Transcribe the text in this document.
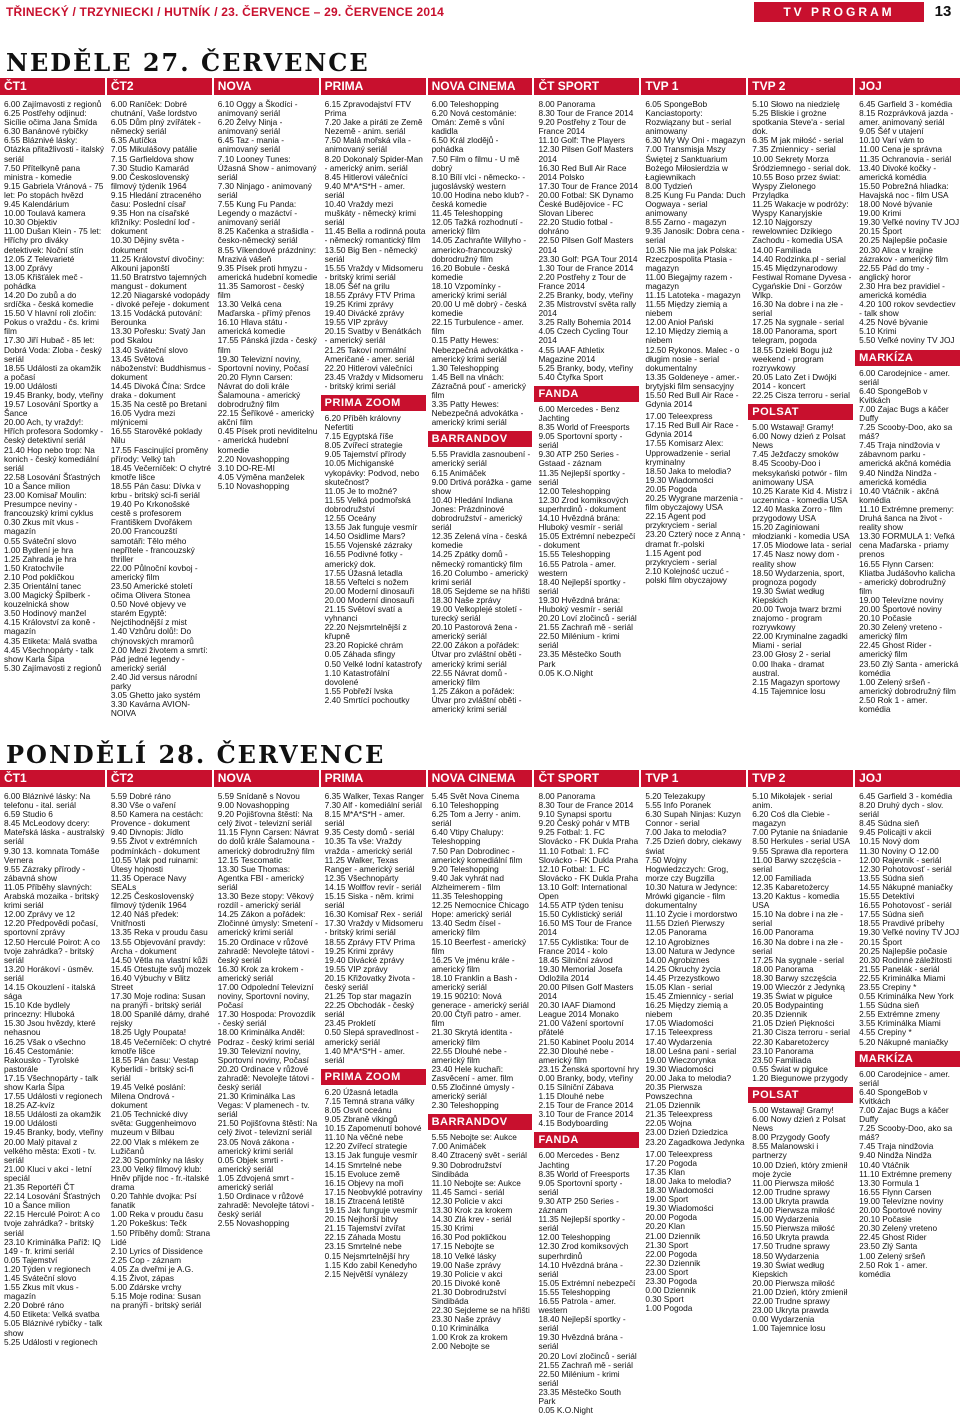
TŘINECKÝ / TRZYNIECKI / HUTNÍK / 23. ČERVENCE – 29. ČERVENCE 2014	TV PROGRAM	13
NEDĚLE 27. ČERVENCE
ČT1	ČT2	NOVA	PRIMA	NOVA CINEMA	ČT SPORT	TVP 1	TVP 2	JOJ
6.00 Zajímavosti z regionů
6.25 Postřehy odjinud: Sicílie očima Jana Šmída
6.30 Banánové rybičky
6.55 Bláznivé lásky: Otázka přitažlivosti - italský seriál
7.50 Přítelkyně pana ministra - komedie
9.15 Gabriela Vránová - 75 let: Po stopách hvězd
9.45 Kalendárium
10.00 Toulavá kamera
10.30 Objektiv
11.00 Dušan Klein - 75 let: Hříchy pro diváky detektivek: Noční stín
12.05 Z Televarieté
13.00 Zprávy
13.05 Křišťálek meč - pohádka
14.20 Do zubů a do srdíčka - česká komedie
15.50 V hlavní roli zločin: Pokus o vraždu - čs. krimi film
17.30 Jiří Hubač - 85 let: Dobrá Voda: Zloba - český seriál
18.55 Události za okamžik a počasí
19.00 Události
19.45 Branky, body, vteřiny
19.57 Losování Sportky a Šance
20.00 Ach, ty vraždy!: Hřích profesora Sodomky - český detektivní seriál
21.40 Hop nebo trop: Na konich - český komediální seriál
22.58 Losování Šťastných 10 a Šance milion
23.00 Komisař Moulin: Presumpce neviny - francouzský krimi cyklus
0.30 Zkus mít vkus - magazín
0.55 Sváteční slovo
1.00 Bydlení je hra
1.25 Zahrada je hra
1.50 Kratochvíle
2.10 Pod pokličkou
2.35 Orientální tanec
3.00 Magický Špilberk - kouzelnická show
3.50 Hodinový manžel
4.15 Království za koně - magazín
4.35 Etiketa: Malá svatba
4.45 Všechnopárty - talk show Karla Šípa
5.30 Zajímavosti z regionů
6.00 Raníček: Dobré chutnání, Vaše lordstvo
6.05 Dům plný zvířátek - německý seriál
6.35 Autíčka
7.05 Mikulášovy patálie
7.15 Garfieldova show
7.30 Studio Kamarád
9.00 Československý filmový týdeník 1964
9.15 Hledání ztraceného času: Poslední císař
9.35 Hon na císařské křižníky: Poslední loď - dokument
10.30 Dějiny světa - dokument
11.25 Království divočiny: Alkouni japonští
11.50 Bratrstvo tajemných mangust - dokument
12.20 Niagarské vodopády - divoké peřeje - dokument
13.15 Vodácká putování: Berounka
13.30 Pořesku: Svatý Jan pod Skalou
13.40 Sváteční slovo
13.45 Světová náboženství: Buddhismus - dokument
14.45 Divoká Čína: Srdce draka - dokument
15.35 Na cestě po Bretani
16.05 Vydra mezi mlýnicemi
16.55 Starověké poklady Nilu
17.55 Fascinující proměny přírody: Velký tah
18.45 Večerníček: O chytré kmotře lišce
18.55 Pán času: Dívka v krbu - britský sci-fi seriál
19.40 Po Krkonošské cestě s profesorem Františkem Dvořákem
20.00 Francouzští samotáři: Tělo mého nepřítele - francouzský thriller
22.00 Půlnoční kovboj - americký film
23.50 Americké století očima Olivera Stonea
0.50 Nové objevy ve starém Egyptě: Nejctihodnější z mist
1.40 Vzhůru dolů!: Do chýnovských mramorů
2.00 Mezi životem a smrtí: Pád jedné legendy - americký seriál
2.40 Jid versus národní parky
3.05 Ghetto jako systém
3.30 Kavárna AVION-NOIVA
6.10 Oggy a Škodíci - animovaný seriál
6.20 Želvy Ninja - animovaný seriál
6.45 Taz - mania - animovaný seriál
7.10 Looney Tunes: Úžasná Show - animovaný seriál
7.30 Ninjago - animovaný seriál
7.55 Kung Fu Panda: Legendy o mazáctví - animovaný seriál
8.25 Kačenka a strašidla - česko-německý seriál
8.55 Víkendové prázdniny: Mrazivá vášeň
9.35 Písek proti hmyzu - americká hudební komedie
11.35 Samorost - český film
13.30 Velká cena Maďarska - přímý přenos
16.10 Hlava státu - americká komedie
17.55 Pánská jízda - český film
19.30 Televizní noviny, Sportovní noviny, Počasí
20.20 Flynn Carsen: Návrat do doli krále Šalamouna - americký dobrodružný film
22.15 Šeříkové - americký akční film
0.45 Písek proti neviditelnu - americká hudební komedie
2.20 Novashopping
3.10 DO-RE-MI
4.05 Výměna manželek
5.10 Novashopping
6.15 Zpravodajství FTV Prima
7.20 Jake a piráti ze Země Nezemě - anim. seriál
7.50 Malá mořská víla - animovaný seriál
8.20 Dokonalý Spider-Man - americký anim. seriál
8.45 Hitlerovi válečníci
9.40 M*A*S*H - amer. seriál
10.40 Vraždy mezi muškáty - německý krimi seriál
11.45 Bella a rodinná pouta - německý romantický film
13.50 Big Ben - německý seriál
15.55 Vraždy v Midsomeru - britský krimi seriál
18.05 Šéf na grilu
18.55 Zprávy FTV Prima
19.25 Krimi zprávy
19.40 Divácké zprávy
19.55 VIP zprávy
20.15 Svatby v Benátkách - americký seriál
21.25 Takoví normální Američané - amer. seriál
22.20 Hitlerovi válečníci
23.45 Vraždy v Midsomeru - britský krimi seriál
PRIMA ZOOM
6.20 Příběh královny Nefertiti
7.15 Egyptská říše
8.05 Zvířecí strategie
9.05 Tajemství přírody
10.05 Michiganské vykopávky: Podvod, nebo skutečnost?
11.05 Je to možné?
11.55 Velká podmořská dobrodružství
12.55 Oceány
13.55 Jak funguje vesmír
14.50 Osidlime Mars?
15.55 Vojenské zázraky
16.55 Podivné fotky - americký dok.
17.55 Úžasná letadla
18.55 Veľtelci s nožem
20.00 Moderní dinosauři
20.00 Moderní dinosauři
21.15 Světoví svatí a vyhnanci
22.20 Nejsmrtelnější z křupně
23.20 Ropické chrám
0.05 Záhada sfingy
0.50 Velké lodní katastrofy
1.10 Katastrofální dovolené
1.55 Pobřeží lvska
2.40 Smrtící pochoutky
6.00 Teleshopping
6.20 Nová cestománie: Omán: Země s vůní kadidla
6.50 Král zlodějů - pohádka
7.50 Film o filmu - U mě dobrý
8.10 Bílí vlci - německo- -jugoslávský western
10.00 Hodina nebo klub? - česká komedie
11.45 Teleshopping
12.05 Tažká rozhodnutí - americký film
14.05 Zachraňte Willyho - americko-francouzský dobrodružný film
16.20 Bobule - česká komedie
18.10 Vzpomínky - americký krimi seriál
20.00 U mě dobrý - česká komedie
22.15 Turbulence - amer. film
0.15 Patty Hewes: Nebezpečná advokátka - americký krimi seriál
1.30 Teleshopping
1.45 Bell na vlnách: Zázračná pouť - americký film
3.35 Patty Hewes: Nebezpečná advokátka - americký krimi seriál
BARRANDOV
5.55 Pravidla zasnoubení - americký seriál
6.15 Animáček
9.00 Drtivá porážka - game show
10.40 Hledání Indiana Jones: Prázdninové dobrodružství - americký seriál
12.35 Zelená vína - česká komedie
14.25 Zpátky domů - německý romantický film
16.20 Columbo - americký krimi seriál
18.05 Sejdeme se na hřišti
18.30 Naše zprávy
19.00 Velkoplejé století - turecký seriál
20.10 Pastorová žena - americký seriál
22.00 Zákon a pořádek: Útvar pro zvláštní oběti - americký krimi seriál
22.55 Návrat domů - americký film
1.25 Zákon a pořádek: Útvar pro zvláštní oběti - americký krimi seriál
8.00 Panorama
8.30 Tour de France 2014
9.20 Postřehy z Tour de France 2014
11.10 Golf: The Players
12.30 Pilsen Golf Masters 2014
16.30 Red Bull Air Race 2014 Polsko
17.30 Tour de France 2014
20.00 Fotbal: SK Dynamo České Budějovice - FC Slovan Liberec
22.20 Studio fotbal - dohráno
22.50 Pilsen Golf Masters 2014
23.30 Golf: PGA Tour 2014
1.30 Tour de France 2014
2.20 Postřehy z Tour de France 2014
2.25 Branky, body, vteřiny
2.35 Mistrovství světa rally 2014
3.25 Rally Bohemia 2014
4.05 Czech Cycling Tour 2014
4.55 IAAF Athletix Magazine 2014
5.25 Branky, body, vteřiny
5.40 Čtyřka Sport
FANDA
6.00 Mercedes - Benz Jachting
8.35 World of Freesports
9.05 Sportovní sporty - seriál
9.30 ATP 250 Series - Gstaad - záznam
11.35 Nejlepší sportky - seriál
12.00 Teleshopping
12.30 Zrod komiksových superhrdinů - dokument
14.10 Hvězdná brána: Hluboký vesmír - seriál
15.05 Extrémní nebezpečí - dokument
15.55 Teleshopping
16.55 Patrola - amer. western
18.40 Nejlepší sportky - seriál
19.30 Hvězdná brána: Hluboký vesmír - seriál
20.20 Loví zločinců - seriál
21.55 Zachraň mě - seriál
22.50 Milénium - krimi seriál
23.35 Městečko South Park
0.05 K.O.Night
6.05 SpongeBob Kanciastoporty: Rozwiązany but - serial animowany
6.30 My Wy Oni - magazyn
7.00 Transmisja Mszy Świętej z Sanktuarium Bożego Miłosierdzia w Łagiewnikach
8.00 Tydzień
8.25 Kung Fu Panda: Duch Oogwaya - serial animowany
8.55 Zarno - magazyn
9.35 Janosik: Dobra cena - serial
10.35 Nie ma jak Polska: Rzeczpospolita Ptasia - magazyn
11.00 Biegajmy razem - magazyn
11.15 Latoteka - magazyn
11.55 Między ziemią a niebem
12.00 Anioł Pański
12.10 Między ziemią a niebem
12.50 Rykonos. Malec - o długim nosie - serial dokumentalny
13.35 Goldeneye - amer.-brytyjski film sensacyjny
15.50 Red Bull Air Race - Gdynia 2014
17.00 Teleexpress
17.15 Red Bull Air Race - Gdynia 2014
17.55 Komisarz Alex: Upprowadzenie - serial kryminalny
18.50 Jaka to melodia?
19.30 Wiadomości
20.05 Pogoda
20.25 Wygrane marzenia - film obyczajowy USA
22.15 Agent pod przykryciem - serial
23.20 Czterý noce z Anną - dramat fr.-polski
1.15 Agent pod przykryciem - serial
2.10 Kolejność uczuć - polski film obyczajowy
5.10 Słowo na niedzielę
5.25 Bliskie i grożne spotkania Steve'a - serial dok.
6.35 M jak miłość - serial
7.35 Zmiennicy - serial
10.00 Sekrety Morza Śródziemnego - serial dok.
10.55 Boso przez świat: Wyspy Zielonego Przylądka
11.25 Wakacje w podróży: Wyspy Kanaryjskie
12.10 Najgorszy rewelowniec Dzikiego Zachodu - komedia USA
14.00 Familiada
14.40 Rodzinka.pl - serial
15.45 Międzynarodowy Festiwal Romane Dyvesa - Cygańskie Dni - Gorzów Wlkp.
16.30 Na dobre i na złe - serial
17.25 Na sygnale - serial
18.00 Panorama, sport telegram, pogoda
18.55 Dzieki Bogu już weekend - program rozrywkowy
20.05 Lato Zet i Dwójki 2014 - koncert
22.25 Cisza terroru - serial
POLSAT
5.00 Wstawaj! Gramy!
6.00 Nowy dzień z Polsat News
7.45 Ježďaczy smoków
8.45 Scooby-Doo i meksykański potwór - film animowany USA
10.25 Karate Kid 4. Mistrz i uczennica - komedia USA
12.40 Maska Zorro - film przygodowy USA
15.20 Zaginiowani młodzianki - komedia USA
17.05 Miodowe lata - serial
17.45 Nasz nowy dom - reality show
18.50 Wydarzenia, sport, prognoza pogody
19.30 Świat według Kiepskich
20.00 Twoja twarz brzmi znajomo - program rozrywkowy
22.00 Kryminalne zagadki Miami - serial
23.00 Głosy 2 - serial
0.00 Ihaka - dramat austral.
2.15 Magazyn sportowy
4.15 Tajemnice losu
6.45 Garfield 3 - komédia
8.15 Rozprávková jazda - amer. animovaný seriál
9.05 Šéf v utajení
10.10 Varí vám to
11.00 Cena je správna
11.35 Ochranovia - seriál
13.40 Divoké kočky - americká komédia
15.50 Pobrežná hliadka: Havajská noc - film USA
18.00 Nové bývanie
19.00 Krimi
19.30 Veľké noviny TV JOJ
20.15 Šport
20.25 Najlepšie počasie
20.30 Alica v krajine zázrakov - americký film
22.55 Pád do tmy - anglický horor
2.30 Hra bez pravidiel - americká komédia
4.20 100 rokov sevdectiev - talk show
4.25 Nové bývanie
5.10 Krimi
5.50 Veľké noviny TV JOJ
MARKÍZA
6.00 Carodejnice - amer. seriál
6.40 SpongeBob v Kvitkách
7.00 Zajac Bugs a káčer Duffy
7.25 Scooby-Doo, ako sa máš?
7.45 Traja nindžovia v zábavnom parku - americká akčná komédia
9.40 Nindža Nindža - americká komédia
10.40 Vtáčnik - akčná komédia
11.10 Extrémne premeny: Druhá šanca na život - reality show
13.30 FORMULA 1: Veľká cena Maďarska - priamy prenos
16.55 Flynn Carsen: Kliatba Judášovho kalicha - americký dobrodružný film
19.00 Televízne noviny
20.00 Športové noviny
20.10 Počasie
20.30 Zelený vreteno - americký film
22.45 Ghost Rider - americký film
23.50 Zlý Santa - americká komédia
1.00 Zelený sršeň - americký dobrodružný film
2.50 Rok 1 - amer. komédia
PONDĚLÍ 28. ČERVENCE
ČT1	ČT2	NOVA	PRIMA	NOVA CINEMA	ČT SPORT	TVP 1	TVP 2	JOJ
6.00 Bláznivé lásky: Na telefonu - ital. seriál
6.59 Studio 6
8.45 McLeodovy dcery: Mateřská láska - australský seriál
9.30 13. komnata Tomáše Vernera
9.55 Zázraky přírody - zábavná show
11.05 Příběhy slavných: Arabská mozaika - britský krimi seriál
12.00 Zprávy ve 12
12.20 Předpovědi počasí, sportovní zprávy
12.50 Herculé Poirot: A co tvoje zahrádka? - britský seriál
13.20 Horákoví - úsměv. seriál
14.15 Okouzlení - italská sága
15.10 Kde bydlely princezny: Hluboká
15.30 Jsou hvězdy, které nehasnou
16.25 Však o všechno
16.45 Cestománie: Rakousko - Tyrolské pastorále
17.15 Všechnopárty - talk show Karla Šípa
17.55 Události v regionech
18.25 AZ-kvíz
18.55 Události za okamžik
19.00 Události
19.45 Branky, body, vteřiny
20.00 Malý pitaval z velkého města: Exoti - tv. seriál
21.00 Kluci v akci - letní speciál
21.35 Reportéři ČT
22.14 Losování Šťastných 10 a Šance milion
22.15 Herculé Poirot: A co tvoje zahrádka? - britský seriál
23.10 Kriminálka Paříž: IQ 149 - fr. krimi seriál
0.05 Tajemství
1.20 Týden v regionech
1.45 Sváteční slovo
1.55 Zkus mít vkus - magazín
2.20 Dobré ráno
4.50 Etiketa: Velká svatba
5.05 Bláznivé rybičky - talk show
5.25 Události v regionech
5.59 Dobré ráno
8.30 Vše o vaření
8.50 Kamera na cestách: Provence - dokument
9.40 Divnopis: Jídlo
9.55 Život v extrémních podmínkách - dokument
10.55 Vlak pod ruinami: Útesy hojnosti
11.35 Operace Navy SEALs
12.25 Československý filmový týdeník 1964
12.40 Náš předek: Vnitřnosti
13.35 Reka v proudu času
13.55 Objevování pravdy: Archa - dokument
14.50 Větla na vlastní kůži
15.45 Otestujte svůj mozek
16.40 Výbuchy v Blitz Street
17.30 Moje rodina: Susan na pranýři - britský seriál
18.00 Spanilé dámy, drahé rejsky
18.25 Ugly Poupata!
18.45 Večerníček: O chytré kmotře lišce
18.55 Pán času: Vestap Kyberlidi - britský sci-fi seriál
19.45 Velké poslání: Milena Ondrová - dokument
21.05 Technické divy světa: Guggenheimovo muzeum v Bilbau
22.00 Vlak s mlékem ze Lužičanů
22.30 Spomínky na lásky
23.00 Velký filmový klub: Hněv přijde noc - fr.-italské drama
0.20 Tahhle dvojka: Psí fanatik
1.00 Reka v proudu času
1.20 Pokeškus: Tečk
1.50 Příběhy domů: Strana Lidé
2.10 Lyrics of Dissidence
2.25 Cop - záznam
4.05 Za dveřmi je A.G.
4.15 Život, zápas
5.00 Zdárske vrchy
5.15 Moje rodina: Susan na pranýři - britský seriál
5.59 Snídaně s Novou
9.00 Novashopping
9.20 Pojišťovna štěstí: Na celý život - televizní seriál
11.15 Flynn Carsen: Návrat do dolů krále Šalamouna - americký dobrodružný film
12.15 Tescomatic
13.30 Sue Thomas: Agentka FBI - americký seriál
13.30 Beze stopy: Věkový rozdíl - americký seriál
14.25 Zákon a pořádek: Zločinné úmysly: Smetení - americký krimi seriál
15.20 Ordinace v růžové zahradě: Nevolejte tátovi - český seriál
16.30 Krok za krokem - americký seriál
17.00 Odpolední Televizní noviny, Sportovní noviny, Počasí
17.30 Hospoda: Provozdík - český seriál
18.00 Kriminálka Anděl: Podraz - český krimi seriál
19.30 Televizní noviny, Sportovní noviny, Počasí
20.20 Ordinace v růžové zahradě: Nevolejte tátovi - český seriál
21.30 Kriminálka Las Vegas: V plamenech - tv. seriál
21.50 Pojišťovna štěstí: Na celý život - televizní seriál
23.05 Nová zákona - americký krimi seriál
0.05 Objek smrti - americký seriál
1.05 Zdvojená smrt - americký seriál
1.50 Ordinace v růžové zahradě: Nevolejte tátovi - český seriál
2.55 Novashopping
6.35 Walker, Texas Ranger
7.30 Alf - komediální seriál
8.15 M*A*S*H - amer. seriál
9.35 Cesty domů - seriál
10.35 Ta vše: Vraždy vražda - americký seriál
11.25 Walker, Texas Ranger - americký seriál
12.35 Všechnopárty
14.15 Wolffov revír - seriál
15.15 Siska - něm. krimi seriál
16.30 Komisař Rex - seriál
17.30 Vraždy v Midsomeru - britský krimi seriál
18.55 Zprávy FTV Prima
19.25 Krimi zprávy
19.40 Divácké zprávy
19.55 VIP zprávy
20.15 Křižovatky života - český seriál
21.25 Top star magazín
22.25 Obchodák - český seriál
23.45 Prokletí
0.50 Slepá spravedlnost - americký seriál
1.40 M*A*S*H - amer. seriál
PRIMA ZOOM
6.20 Úžasná letadla
7.15 Temná strana války
8.05 Osvit oceánu
9.05 Zbraně vikingů
10.15 Zapomenutí bohové
11.10 Na věčné nebe
12.20 Zvířecí strategie
13.15 Jak funguje vesmír
14.15 Smrtelné nebe
15.15 Evoluce země
16.15 Objevy na moři
17.15 Neobvyklé potraviny
18.15 Ztracená letiště
19.15 Jak funguje vesmír
20.15 Nejhorší bitvy
21.15 Tajemství zvířat
22.15 Záhada Mostu
23.15 Smrtelné nebe
0.15 Nejsmrtelnější hry
1.15 Kdo zabil Kenedyho
2.15 Největší vynálezy
5.45 Svět Nova Cinema
6.10 Teleshopping
6.25 Tom a Jerry - anim. seriál
6.40 Vtipy Chalupy: Teleshopping
7.50 Pan Dobrodinec - americký komediální film
9.20 Teleshopping
9.40 Jak vyhrát nad Alzheimerem - film
11.35 Teleshopping
12.25 Nemocnice Chicago Hope: americký seriál
13.40 Sedm čísel - americký film
15.10 Beerfest - americký film
16.25 Ve jménu krále - americký film
18.10 Franklin a Bash - americký seriál
19.15 90210: Nová generace - americký seriál
20.00 Čtyři patro - amer. film
21.30 Skrytá identita - americký film
22.55 Dlouhé nebe - americký film
23.40 Hele kuchaři: Zasvěcení - amer. film
0.55 Zločinné úmysly - americký seriál
2.30 Teleshopping
BARRANDOV
5.55 Nebojte se: Aukce
7.00 Animáček
8.40 Ztracený svět - seriál
9.30 Dobrodružství Sindibáda
11.10 Nebojte se: Aukce
11.45 Samci - seriál
12.30 Policie v akci
13.30 Krok za krokem
14.30 Zlá krev - seriál
15.30 Krimi
16.30 Pod pokličkou
17.15 Nebojte se
18.10 Velké lásky
19.00 Naše zprávy
19.30 Policie v akci
20.15 Divoké koně
21.30 Dobrodružství Sindibáda
22.30 Sejdeme se na hřišti
23.30 Naše zprávy
0.10 Kriminálka
1.00 Krok za krokem
2.00 Nebojte se
8.00 Panorama
8.30 Tour de France 2014
9.10 Synapsi sportu
9.20 Český pohár v MTB
9.25 Fotbal: 1. FC Slovácko - FK Dukla Praha
11.10 Fotbal: 1. FC Slovácko - FK Dukla Praha
12.10 Fotbal: 1. FC Slovácko - FK Dukla Praha
13.10 Golf: International Open
14.55 ATP týden tenisu
15.50 Cyklistický seriál
16.50 MS Tour de France 2014
17.55 Cyklistika: Tour de France 2014 - kolo
18.45 Silniční závod
19.30 Memorial Josefa Odložila 2014
20.00 Pilsen Golf Masters 2014
20.30 IAAF Diamond League 2014 Monako
21.00 Vážení sportovní přátelé
21.50 Kabinet Poolu 2014
22.30 Dlouhé nebe - americký film
23.15 Ženská sportovní hry
0.00 Branky, body, vteřiny
0.15 Silniční Zábava
1.15 Dlouhé nebe
2.15 Tour de France 2014
3.10 Tour de France 2014
4.15 Bodyboarding
FANDA
6.00 Mercedes - Benz Jachting
8.35 World of Freesports
9.05 Sportovní sporty - seriál
9.30 ATP 250 Series - záznam
11.35 Nejlepší sportky - seriál
12.00 Teleshopping
12.30 Zrod komiksových superhrdinů
14.10 Hvězdná brána - seriál
15.05 Extrémní nebezpečí
15.55 Teleshopping
16.55 Patrola - amer. western
18.40 Nejlepší sportky - seriál
19.30 Hvězdná brána - seriál
20.20 Loví zločinců - seriál
21.55 Zachraň mě - seriál
22.50 Milénium - krimi seriál
23.35 Městečko South Park
0.05 K.O.Night
5.20 Telezakupy
5.55 Info Poranek
6.30 Supah Ninjas: Kuzyn Connor - serial
7.00 Jaka to melodia?
7.25 Dzień dobry, ciekawy świat
7.50 Wojny Hogwiedzczych: Grog, morze czy Bugzilla
10.30 Natura w Jedynce: Mrówki gigancie - film dokumentalny
11.10 Życie i mordorstwo
11.55 Dzień Pierwszy
12.05 Panorama
12.10 Agrobiznes
13.00 Natura w Jedynce
14.00 Agrobiznes
14.25 Okruchy życia
14.45 Przezystkowo
15.05 Klan - serial
15.45 Zmiennicy - serial
16.25 Między ziemią a niebem
17.05 Wiadomości
17.15 Teleexpress
17.40 Wydarzenia
18.00 Leśna pani - serial
19.00 Wieczorynka
19.30 Wiadomości
20.00 Jaka to melodia?
20.35 Pierwsza Powszechna
21.05 Dziennik
21.35 Teleexpress
22.05 Wojna
23.00 Dzień Dziedzica
23.20 Zagadkowa Jedynka
17.00 Teleexpress
17.20 Pogoda
17.35 Klan
18.00 Jaka to melodia?
18.30 Wiadomości
19.00 Sport
19.30 Wiadomości
20.00 Pogoda
20.20 Klan
21.00 Dziennik
21.30 Sport
22.00 Pogoda
22.30 Dziennik
23.00 Sport
23.30 Pogoda
0.00 Dziennik
0.30 Sport
1.00 Pogoda
5.10 Mikołajek - serial anim.
6.20 Coś dla Ciebie - magazyn
7.00 Pytanie na śniadanie
8.50 Herkules - serial USA
9.55 Sprawa dla reportera
11.00 Barwy szczęścia - serial
12.00 Familiada
12.35 Kabaretożercy
13.20 Kaktus - komedia USA
15.10 Na dobre i na złe - serial
16.00 Panorama
16.30 Na dobre i na złe - serial
17.25 Na sygnale - serial
18.00 Panorama
18.30 Barwy szczęścia
19.00 Wieczór z Jedynką
19.35 Świat w pigułce
20.05 Bodypainting
20.35 Dziennik
21.05 Dzień Piękności
21.30 Cisza terroru - serial
22.30 Kabaretożercy
23.10 Panorama
23.50 Familiada
0.55 Świat w pigułce
1.20 Biegunowe przygody
POLSAT
5.00 Wstawaj! Gramy!
6.00 Nowy dzień z Polsat News
8.00 Przygody Goofy
8.55 Malanowski i partnerzy
10.00 Dzień, który zmienił moje życie
11.00 Pierwsza miłość
12.00 Trudne sprawy
13.00 Ukryta prawda
14.00 Pierwsza miłość
15.00 Wydarzenia
15.50 Pierwsza miłość
16.50 Ukryta prawda
17.50 Trudne sprawy
18.50 Wydarzenia
19.30 Świat według Kiepskich
20.00 Pierwsza miłość
21.00 Dzień, który zmienił
22.00 Trudne sprawy
23.00 Ukryta prawda
0.00 Wydarzenia
1.00 Tajemnice losu
6.45 Garfield 3 - komédia
8.20 Druhý dych - slov. seriál
8.45 Súdna sieň
9.45 Policajti v akcii
10.15 Nový dom
11.30 Noviny O 12.00
12.00 Rajevnik - seriál
12.30 Pohotovosť - seriál
13.55 Súdna sieň
14.55 Nákupné maniačky
15.55 Detektívi
16.55 Pohotovosť - seriál
17.55 Súdna sieň
18.55 Pravdivé príbehy
19.30 Veľké noviny TV JOJ
20.15 Šport
20.25 Najlepšie počasie
20.30 Rodinné záležitosti
21.55 Panelák - seriál
22.55 Kriminálka Miami
23.55 Crepiny *
0.55 Kriminálka New York
1.55 Súdna sieň
2.55 Extrémne zmeny
3.55 Kriminálka Miami
4.55 Crepiny *
5.20 Nákupné maniačky
MARKÍZA
6.00 Carodejnice - amer. seriál
6.40 SpongeBob v Kvitkách
7.00 Zajac Bugs a káčer Duffy
7.25 Scooby-Doo, ako sa máš?
7.45 Traja nindžovia
9.40 Nindža Nindža
10.40 Vtáčnik
11.10 Extrémne premeny
13.30 Formula 1
16.55 Flynn Carsen
19.00 Televízne noviny
20.00 Športové noviny
20.10 Počasie
20.30 Zelený vreteno
22.45 Ghost Rider
23.50 Zlý Santa
1.00 Zelený sršeň
2.50 Rok 1 - amer. komédia
